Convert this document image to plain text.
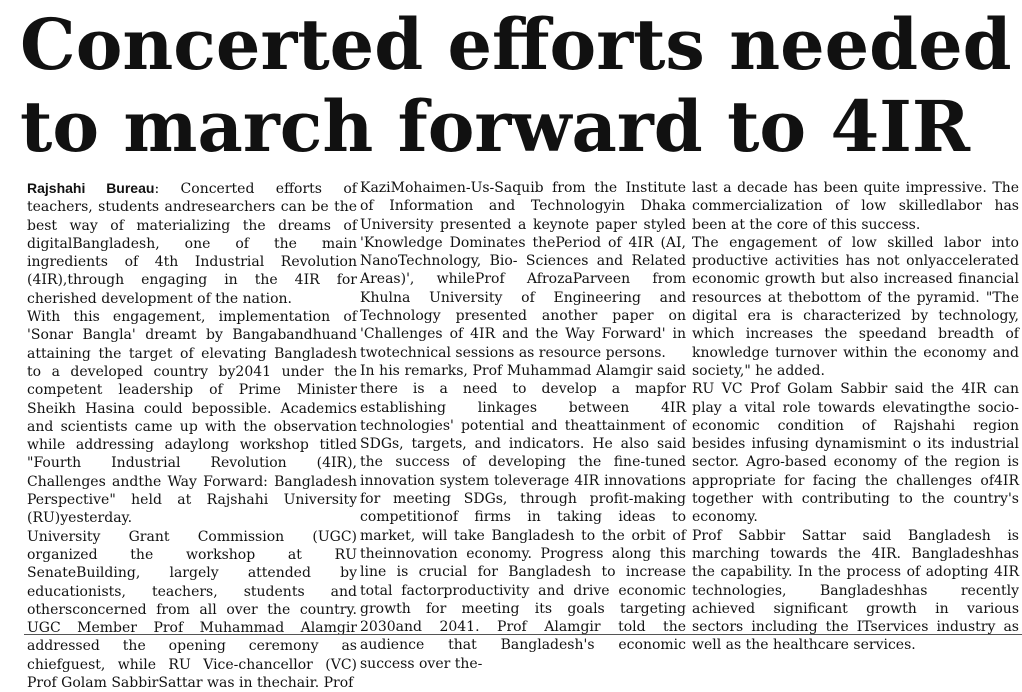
Concerted efforts needed
to march forward to 4IR

Rajshahi Bureau: Concerted efforts of teachers, students andresearchers can be the best way of materializing the dreams of digitalBangladesh, one of the main ingredients of 4th Industrial Revolution (4IR),through engaging in the 4IR for cherished development of the nation.

With this engagement, implementation of 'Sonar Bangla' dreamt by Bangabandhuand attaining the target of elevating Bangladesh to a developed country by2041 under the competent leadership of Prime Minister Sheikh Hasina could bepossible. Academics and scientists came up with the observation while addressing adaylong workshop titled "Fourth Industrial Revolution (4IR), Challenges andthe Way Forward: Bangladesh Perspective" held at Rajshahi University (RU)yesterday.

University Grant Commission (UGC) organized the workshop at RU SenateBuilding, largely attended by educationists, teachers, students and othersconcerned from all over the country. UGC Member Prof Muhammad Alamgir addressed the opening ceremony as chiefguest, while RU Vice-chancellor (VC) Prof Golam SabbirSattar was in thechair. Prof

KaziMohaimen-Us-Saquib from the Institute of Information and Technologyin Dhaka University presented a keynote paper styled 'Knowledge Dominates thePeriod of 4IR (AI, NanoTechnology, Bio- Sciences and Related Areas)', whileProf AfrozaParveen from Khulna University of Engineering and Technology presented another paper on 'Challenges of 4IR and the Way Forward' in twotechnical sessions as resource persons.

In his remarks, Prof Muhammad Alamgir said there is a need to develop a mapfor establishing linkages between 4IR technologies' potential and theattainment of SDGs, targets, and indicators. He also said the success of developing the fine-tuned innovation system toleverage 4IR innovations for meeting SDGs, through profit-making competitionof firms in taking ideas to market, will take Bangladesh to the orbit of theinnovation economy. Progress along this line is crucial for Bangladesh to increase total factorproductivity and drive economic growth for meeting its goals targeting 2030and 2041. Prof Alamgir told the audience that Bangladesh's economic success over the-

last a decade has been quite impressive. The commercialization of low skilledlabor has been at the core of this success.

The engagement of low skilled labor into productive activities has not onlyaccelerated economic growth but also increased financial resources at thebottom of the pyramid. "The digital era is characterized by technology, which increases the speedand breadth of knowledge turnover within the economy and society," he added.

RU VC Prof Golam Sabbir said the 4IR can play a vital role towards elevatingthe socio-economic condition of Rajshahi region besides infusing dynamismint o its industrial sector. Agro-based economy of the region is appropriate for facing the challenges of4IR together with contributing to the country's economy.

Prof Sabbir Sattar said Bangladesh is marching towards the 4IR. Bangladeshhas the capability. In the process of adopting 4IR technologies, Bangladeshhas recently achieved significant growth in various sectors including the ITservices industry as well as the healthcare services.
